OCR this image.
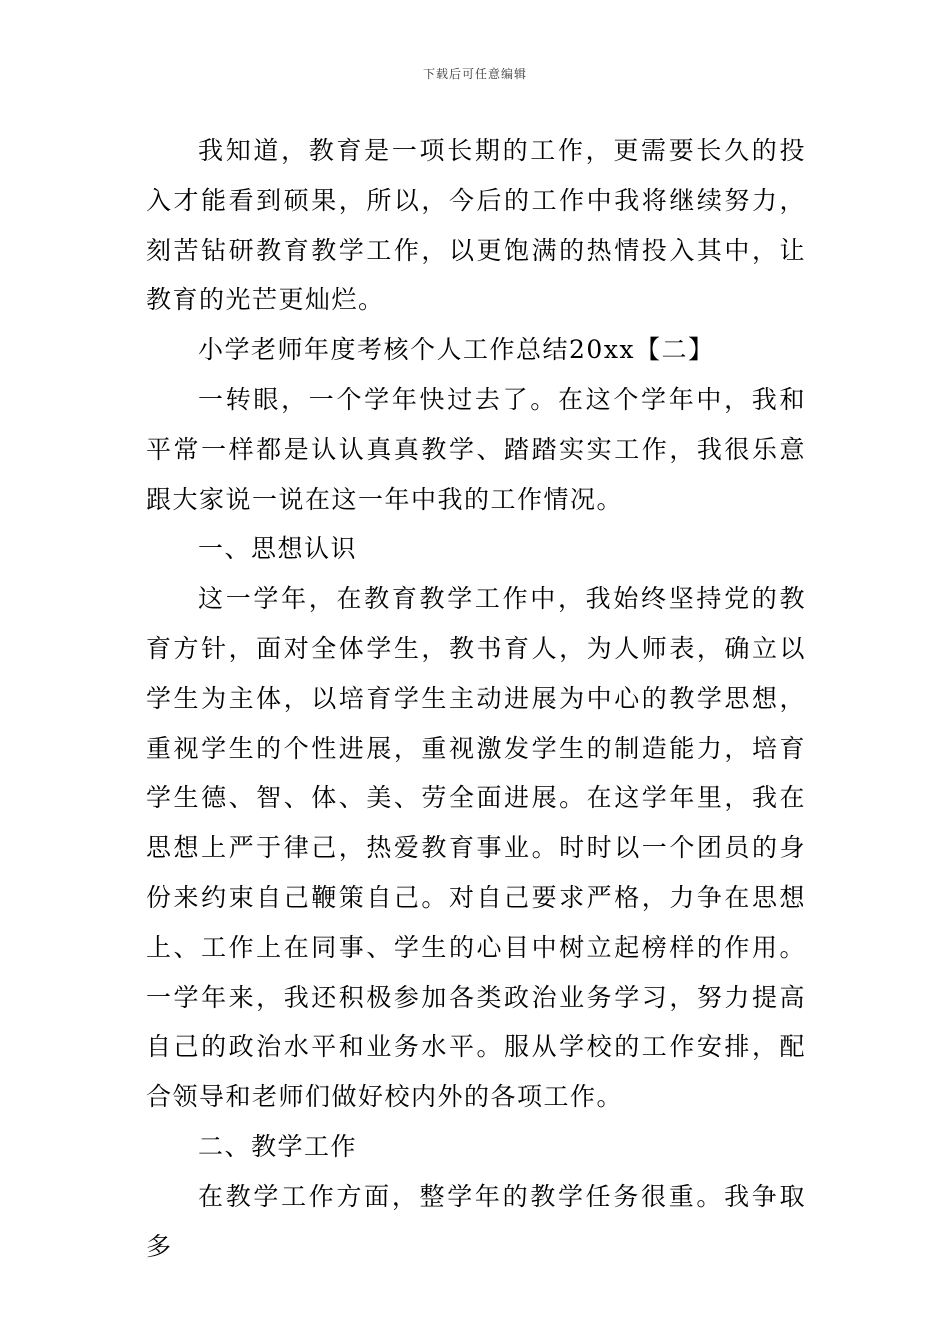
下载后可任意编辑

我知道，教育是一项长期的工作，更需要长久的投入才能看到硕果，所以，今后的工作中我将继续努力，刻苦钻研教育教学工作，以更饱满的热情投入其中，让教育的光芒更灿烂。

小学老师年度考核个人工作总结20xx【二】

一转眼，一个学年快过去了。在这个学年中，我和平常一样都是认认真真教学、踏踏实实工作，我很乐意跟大家说一说在这一年中我的工作情况。

一、思想认识

这一学年，在教育教学工作中，我始终坚持党的教育方针，面对全体学生，教书育人，为人师表，确立以学生为主体，以培育学生主动进展为中心的教学思想，重视学生的个性进展，重视激发学生的制造能力，培育学生德、智、体、美、劳全面进展。在这学年里，我在思想上严于律己，热爱教育事业。时时以一个团员的身份来约束自己鞭策自己。对自己要求严格，力争在思想上、工作上在同事、学生的心目中树立起榜样的作用。一学年来，我还积极参加各类政治业务学习，努力提高自己的政治水平和业务水平。服从学校的工作安排，配合领导和老师们做好校内外的各项工作。

二、教学工作

在教学工作方面，整学年的教学任务很重。我争取多
